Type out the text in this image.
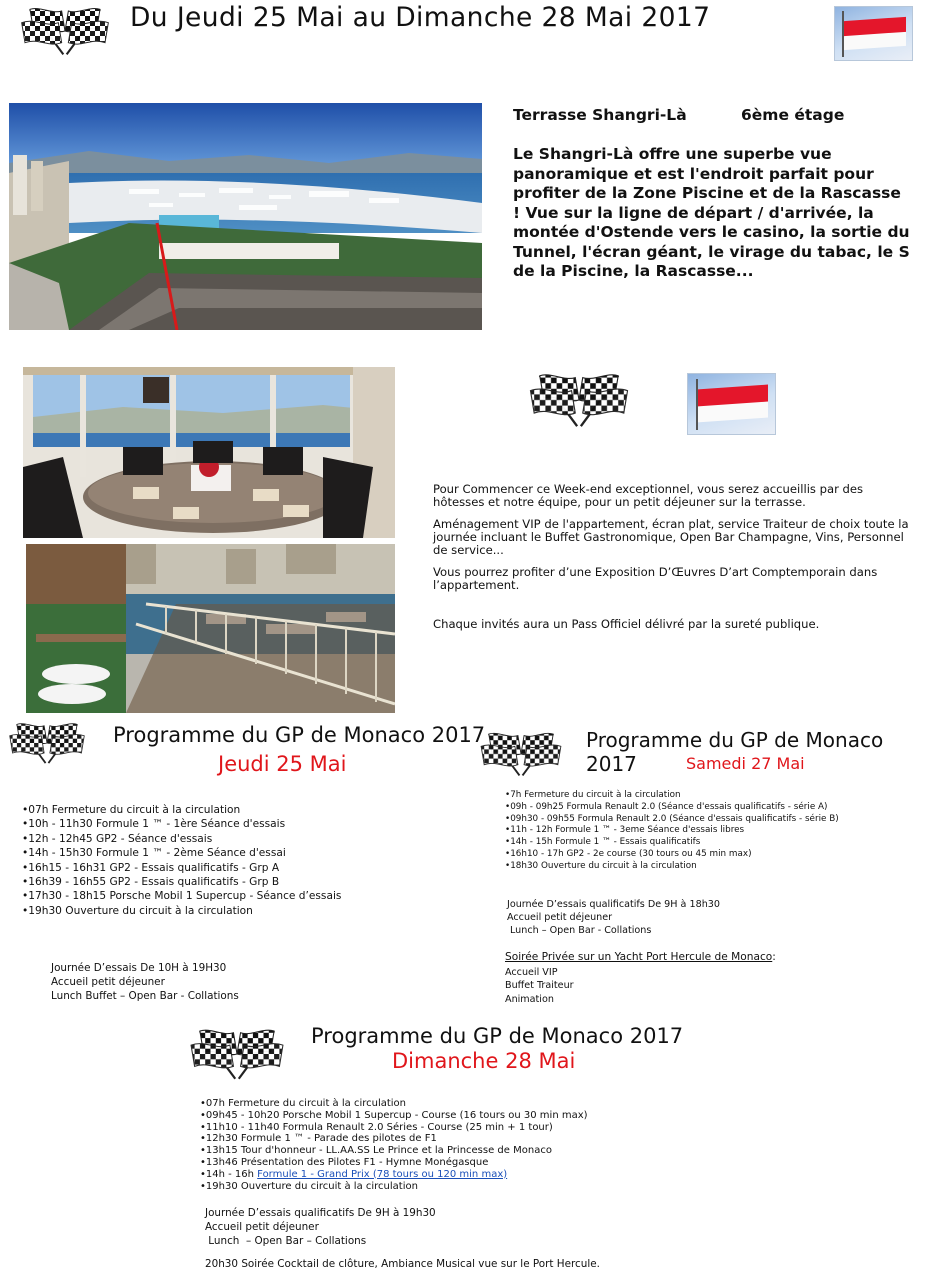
Du Jeudi 25 Mai au Dimanche 28 Mai 2017
Terrasse Shangri-Là	6ème étage
Le Shangri-Là offre une superbe vue panoramique et est l'endroit parfait pour profiter de la Zone Piscine et de la Rascasse ! Vue sur la ligne de départ / d'arrivée, la montée d'Ostende vers le casino, la sortie du Tunnel, l'écran géant, le virage du tabac, le S de la Piscine, la Rascasse...

Pour Commencer ce Week-end exceptionnel, vous serez accueillis par des hôtesses et notre équipe, pour un petit déjeuner sur la terrasse.

Aménagement VIP de l'appartement, écran plat, service Traiteur de choix toute la journée incluant le Buffet Gastronomique, Open Bar Champagne, Vins, Personnel de service...

Vous pourrez profiter d’une Exposition D’Œuvres D’art Comptemporain dans l’appartement.

Chaque invités aura un Pass Officiel délivré par la sureté publique.

Programme du GP de Monaco 2017
Jeudi 25 Mai
•07h Fermeture du circuit à la circulation
•10h - 11h30 Formule 1 ™ - 1ère Séance d'essais
•12h - 12h45 GP2 - Séance d'essais
•14h - 15h30 Formule 1 ™ - 2ème Séance d'essai
•16h15 - 16h31 GP2 - Essais qualificatifs - Grp A
•16h39 - 16h55 GP2 - Essais qualificatifs - Grp B
•17h30 - 18h15 Porsche Mobil 1 Supercup - Séance d’essais
•19h30 Ouverture du circuit à la circulation
Journée D’essais De 10H à 19H30
Accueil petit déjeuner
Lunch Buffet – Open Bar - Collations
Programme du GP de Monaco 2017	Samedi 27 Mai
•7h Fermeture du circuit à la circulation
•09h - 09h25 Formula Renault 2.0 (Séance d'essais qualificatifs - série A)
•09h30 - 09h55 Formula Renault 2.0 (Séance d'essais qualificatifs - série B)
•11h - 12h Formule 1 ™ - 3eme Séance d'essais libres
•14h - 15h Formule 1 ™ - Essais qualificatifs
•16h10 - 17h GP2 - 2e course (30 tours ou 45 min max)
•18h30 Ouverture du circuit à la circulation
Journée D’essais qualificatifs De 9H à 18h30
Accueil petit déjeuner
Lunch – Open Bar - Collations
Soirée Privée sur un Yacht Port Hercule de Monaco:
Accueil VIP
Buffet Traiteur
Animation
Programme du GP de Monaco 2017
Dimanche 28 Mai
•07h Fermeture du circuit à la circulation
•09h45 - 10h20 Porsche Mobil 1 Supercup - Course (16 tours ou 30 min max)
•11h10 - 11h40 Formula Renault 2.0 Séries - Course (25 min + 1 tour)
•12h30 Formule 1 ™ - Parade des pilotes de F1
•13h15 Tour d'honneur - LL.AA.SS Le Prince et la Princesse de Monaco
•13h46 Présentation des Pilotes F1 - Hymne Monégasque
•14h - 16h Formule 1 - Grand Prix (78 tours ou 120 min max)
•19h30 Ouverture du circuit à la circulation
Journée D’essais qualificatifs De 9H à 19h30
Accueil petit déjeuner
Lunch  – Open Bar – Collations
20h30 Soirée Cocktail de clôture, Ambiance Musical vue sur le Port Hercule.
